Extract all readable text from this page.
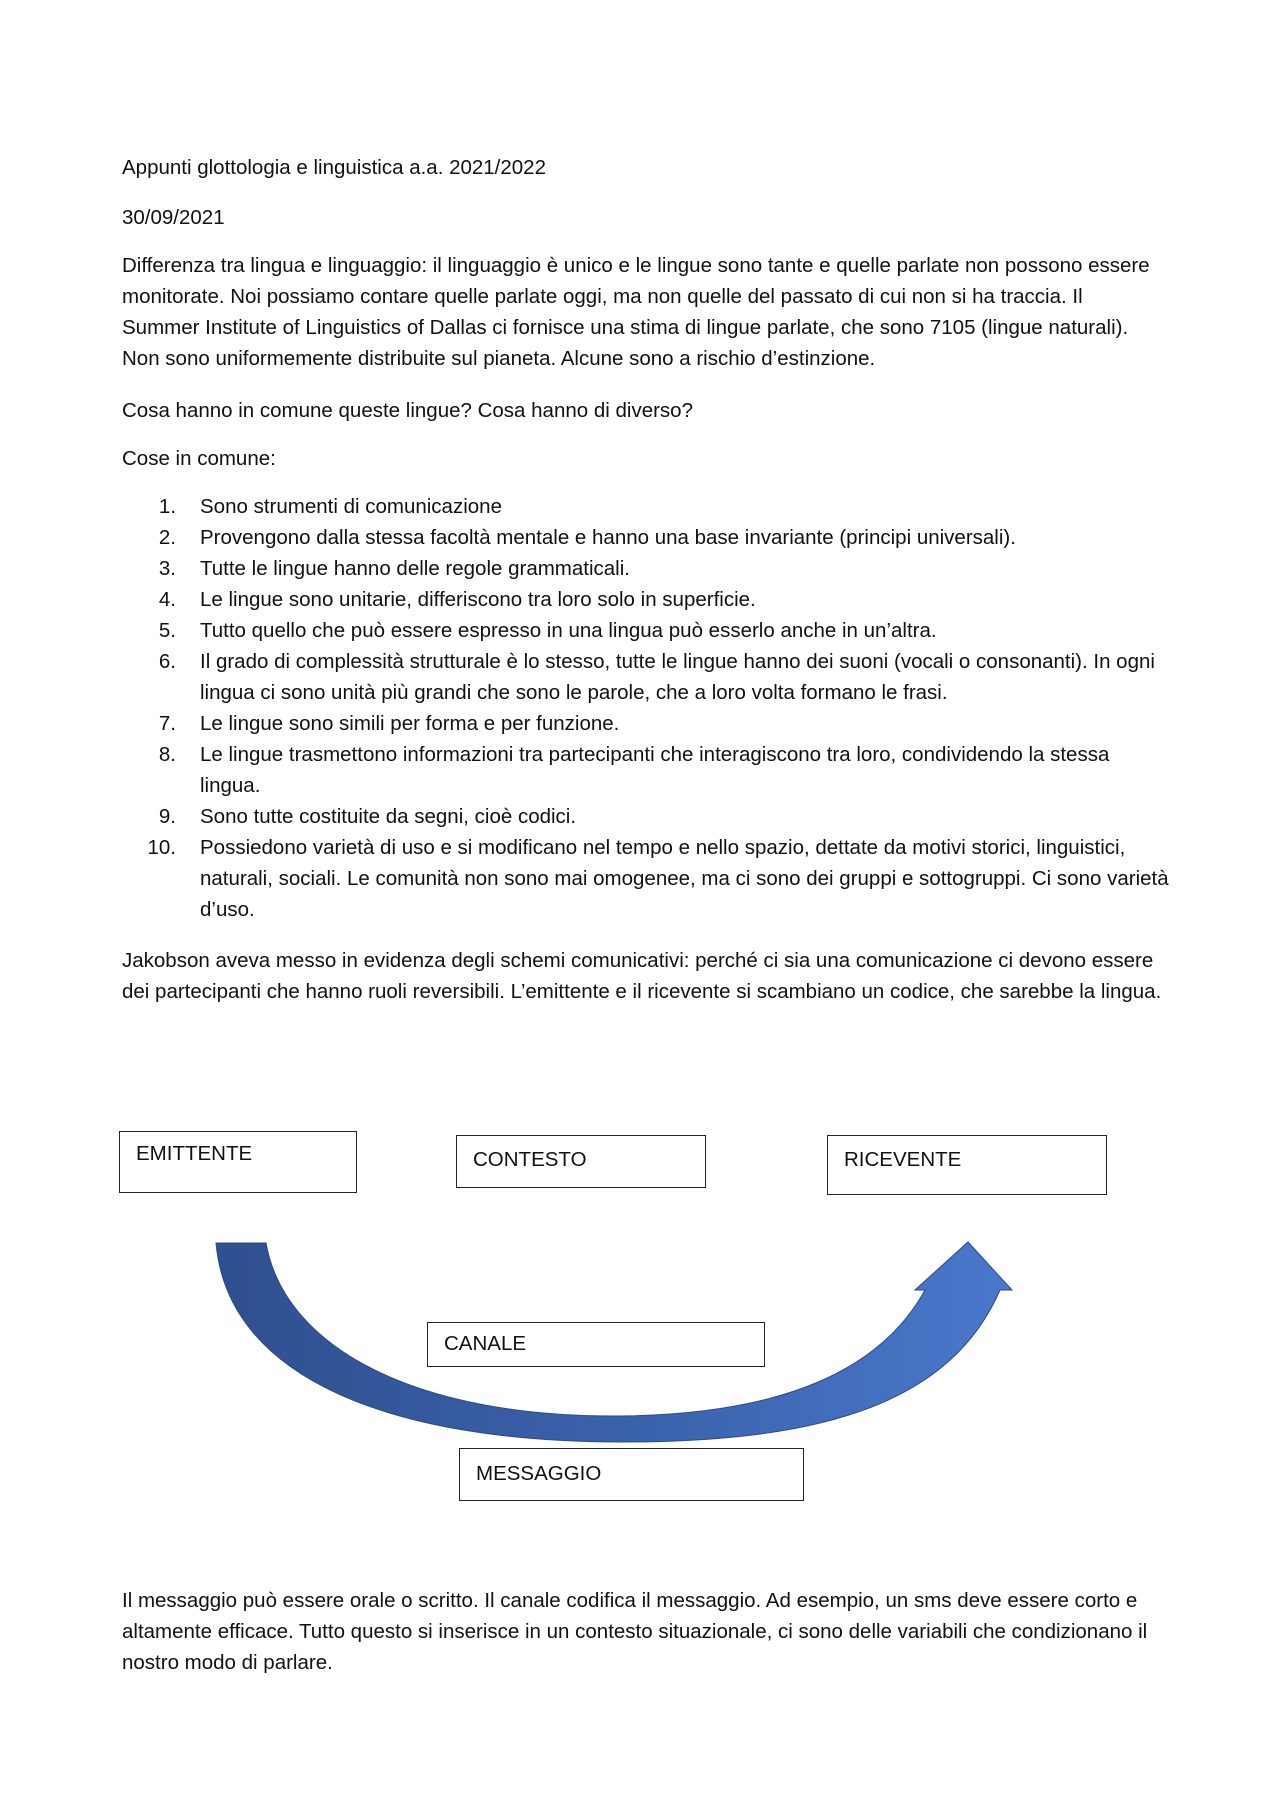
Appunti glottologia e linguistica a.a. 2021/2022
30/09/2021

Differenza tra lingua e linguaggio: il linguaggio è unico e le lingue sono tante e quelle parlate non possono essere monitorate. Noi possiamo contare quelle parlate oggi, ma non quelle del passato di cui non si ha traccia. Il Summer Institute of Linguistics of Dallas ci fornisce una stima di lingue parlate, che sono 7105 (lingue naturali). Non sono uniformemente distribuite sul pianeta. Alcune sono a rischio d’estinzione.

Cosa hanno in comune queste lingue? Cosa hanno di diverso?
Cose in comune:
1. Sono strumenti di comunicazione
2. Provengono dalla stessa facoltà mentale e hanno una base invariante (principi universali).
3. Tutte le lingue hanno delle regole grammaticali.
4. Le lingue sono unitarie, differiscono tra loro solo in superficie.
5. Tutto quello che può essere espresso in una lingua può esserlo anche in un’altra.
6. Il grado di complessità strutturale è lo stesso, tutte le lingue hanno dei suoni (vocali o consonanti). In ogni lingua ci sono unità più grandi che sono le parole, che a loro volta formano le frasi.
7. Le lingue sono simili per forma e per funzione.
8. Le lingue trasmettono informazioni tra partecipanti che interagiscono tra loro, condividendo la stessa lingua.
9. Sono tutte costituite da segni, cioè codici.
10. Possiedono varietà di uso e si modificano nel tempo e nello spazio, dettate da motivi storici, linguistici, naturali, sociali. Le comunità non sono mai omogenee, ma ci sono dei gruppi e sottogruppi. Ci sono varietà d’uso.

Jakobson aveva messo in evidenza degli schemi comunicativi: perché ci sia una comunicazione ci devono essere dei partecipanti che hanno ruoli reversibili. L’emittente e il ricevente si scambiano un codice, che sarebbe la lingua.

EMITTENTE	CONTESTO	RICEVENTE
CANALE
MESSAGGIO

Il messaggio può essere orale o scritto. Il canale codifica il messaggio. Ad esempio, un sms deve essere corto e altamente efficace. Tutto questo si inserisce in un contesto situazionale, ci sono delle variabili che condizionano il nostro modo di parlare.
